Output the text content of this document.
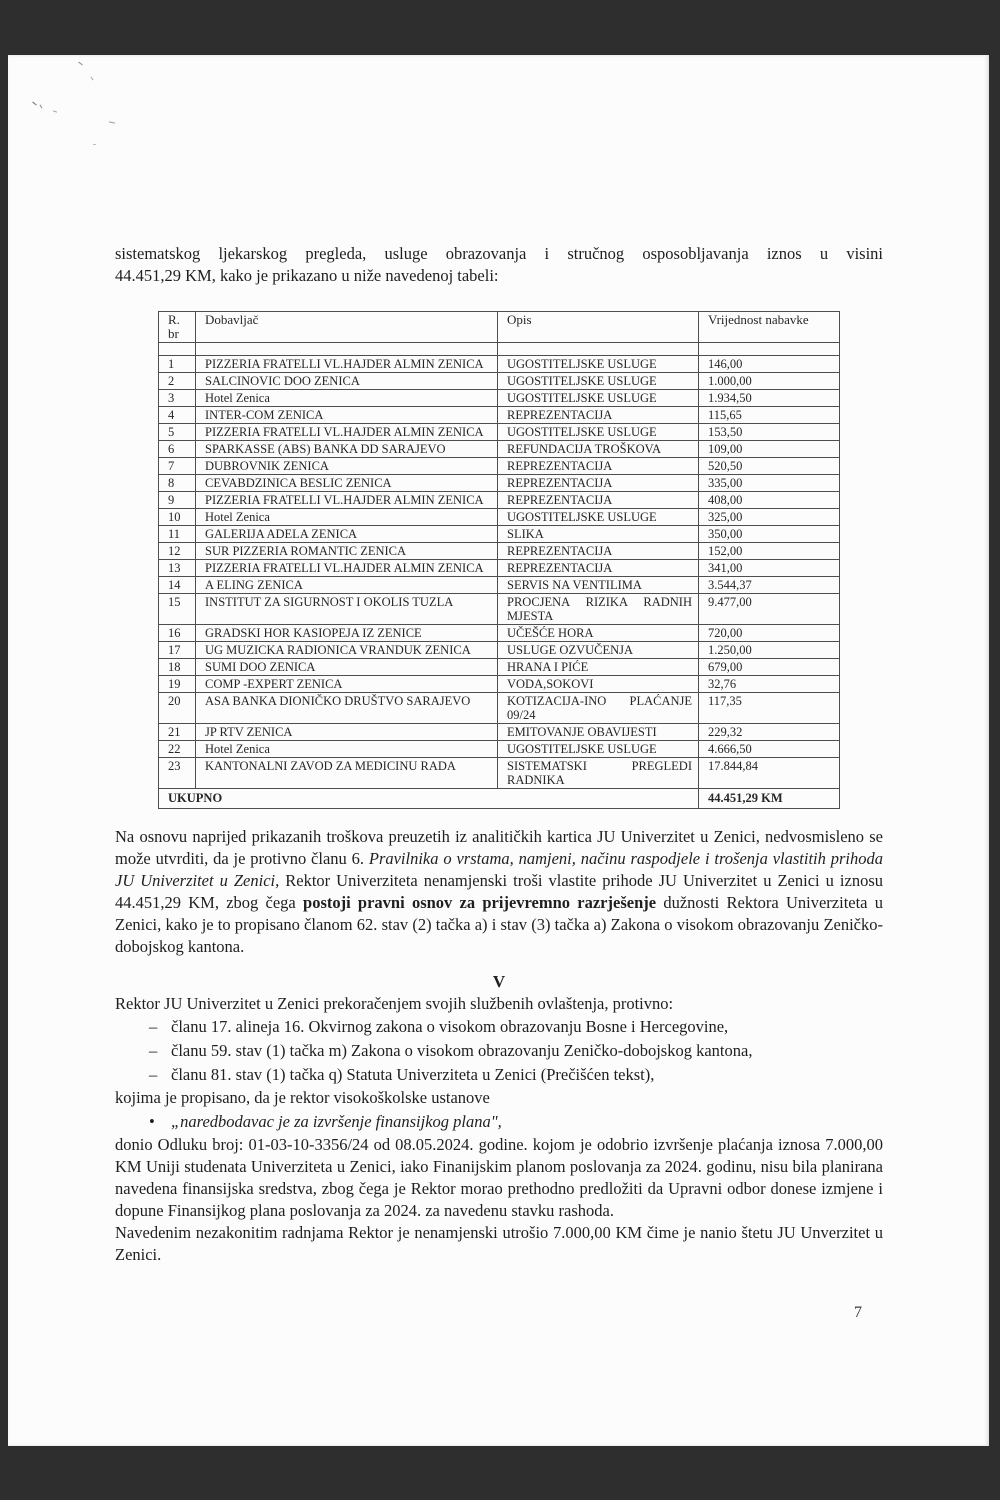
sistematskog ljekarskog pregleda, usluge obrazovanja i stručnog osposobljavanja iznos u visini
44.451,29 KM, kako je prikazano u niže navedenoj tabeli:
R. br	Dobavljač	Opis	Vrijednost nabavke

1	PIZZERIA FRATELLI VL.HAJDER ALMIN ZENICA	UGOSTITELJSKE USLUGE	146,00
2	SALCINOVIC DOO ZENICA	UGOSTITELJSKE USLUGE	1.000,00
3	Hotel Zenica	UGOSTITELJSKE USLUGE	1.934,50
4	INTER-COM ZENICA	REPREZENTACIJA	115,65
5	PIZZERIA FRATELLI VL.HAJDER ALMIN ZENICA	UGOSTITELJSKE USLUGE	153,50
6	SPARKASSE (ABS) BANKA DD SARAJEVO	REFUNDACIJA TROŠKOVA	109,00
7	DUBROVNIK ZENICA	REPREZENTACIJA	520,50
8	CEVABDZINICA BESLIC ZENICA	REPREZENTACIJA	335,00
9	PIZZERIA FRATELLI VL.HAJDER ALMIN ZENICA	REPREZENTACIJA	408,00
10	Hotel Zenica	UGOSTITELJSKE USLUGE	325,00
11	GALERIJA ADELA ZENICA	SLIKA	350,00
12	SUR PIZZERIA ROMANTIC ZENICA	REPREZENTACIJA	152,00
13	PIZZERIA FRATELLI VL.HAJDER ALMIN ZENICA	REPREZENTACIJA	341,00
14	A ELING ZENICA	SERVIS NA VENTILIMA	3.544,37
15	INSTITUT ZA SIGURNOST I OKOLIS TUZLA	PROCJENA RIZIKA RADNIH MJESTA	9.477,00
16	GRADSKI HOR KASIOPEJA IZ ZENICE	UČEŠĆE HORA	720,00
17	UG MUZICKA RADIONICA VRANDUK ZENICA	USLUGE OZVUČENJA	1.250,00
18	SUMI DOO ZENICA	HRANA I PIĆE	679,00
19	COMP -EXPERT ZENICA	VODA,SOKOVI	32,76
20	ASA BANKA DIONIČKO DRUŠTVO SARAJEVO	KOTIZACIJA-INO PLAĆANJE 09/24	117,35
21	JP RTV ZENICA	EMITOVANJE OBAVIJESTI	229,32
22	Hotel Zenica	UGOSTITELJSKE USLUGE	4.666,50
23	KANTONALNI ZAVOD ZA MEDICINU RADA	SISTEMATSKI PREGLEDI RADNIKA	17.844,84
UKUPNO			44.451,29 KM
Na osnovu naprijed prikazanih troškova preuzetih iz analitičkih kartica JU Univerzitet u Zenici, nedvosmisleno se može utvrditi, da je protivno članu 6. Pravilnika o vrstama, namjeni, načinu raspodjele i trošenja vlastitih prihoda JU Univerzitet u Zenici, Rektor Univerziteta nenamjenski troši vlastite prihode JU Univerzitet u Zenici u iznosu 44.451,29 KM, zbog čega postoji pravni osnov za prijevremno razrješenje dužnosti Rektora Univerziteta u Zenici, kako je to propisano članom 62. stav (2) tačka a) i stav (3) tačka a) Zakona o visokom obrazovanju Zeničko-dobojskog kantona.
V
Rektor JU Univerzitet u Zenici prekoračenjem svojih službenih ovlaštenja, protivno:
– članu 17. alineja 16. Okvirnog zakona o visokom obrazovanju Bosne i Hercegovine,
– članu 59. stav (1) tačka m) Zakona o visokom obrazovanju Zeničko-dobojskog kantona,
– članu 81. stav (1) tačka q) Statuta Univerziteta u Zenici (Prečišćen tekst),
kojima je propisano, da je rektor visokoškolske ustanove
• „naredbodavac je za izvršenje finansijkog plana",
donio Odluku broj: 01-03-10-3356/24 od 08.05.2024. godine. kojom je odobrio izvršenje plaćanja iznosa 7.000,00 KM Uniji studenata Univerziteta u Zenici, iako Finanijskim planom poslovanja za 2024. godinu, nisu bila planirana navedena finansijska sredstva, zbog čega je Rektor morao prethodno predložiti da Upravni odbor donese izmjene i dopune Finansijkog plana poslovanja za 2024. za navedenu stavku rashoda.
Navedenim nezakonitim radnjama Rektor je nenamjenski utrošio 7.000,00 KM čime je nanio štetu JU Unverzitet u Zenici.
7
